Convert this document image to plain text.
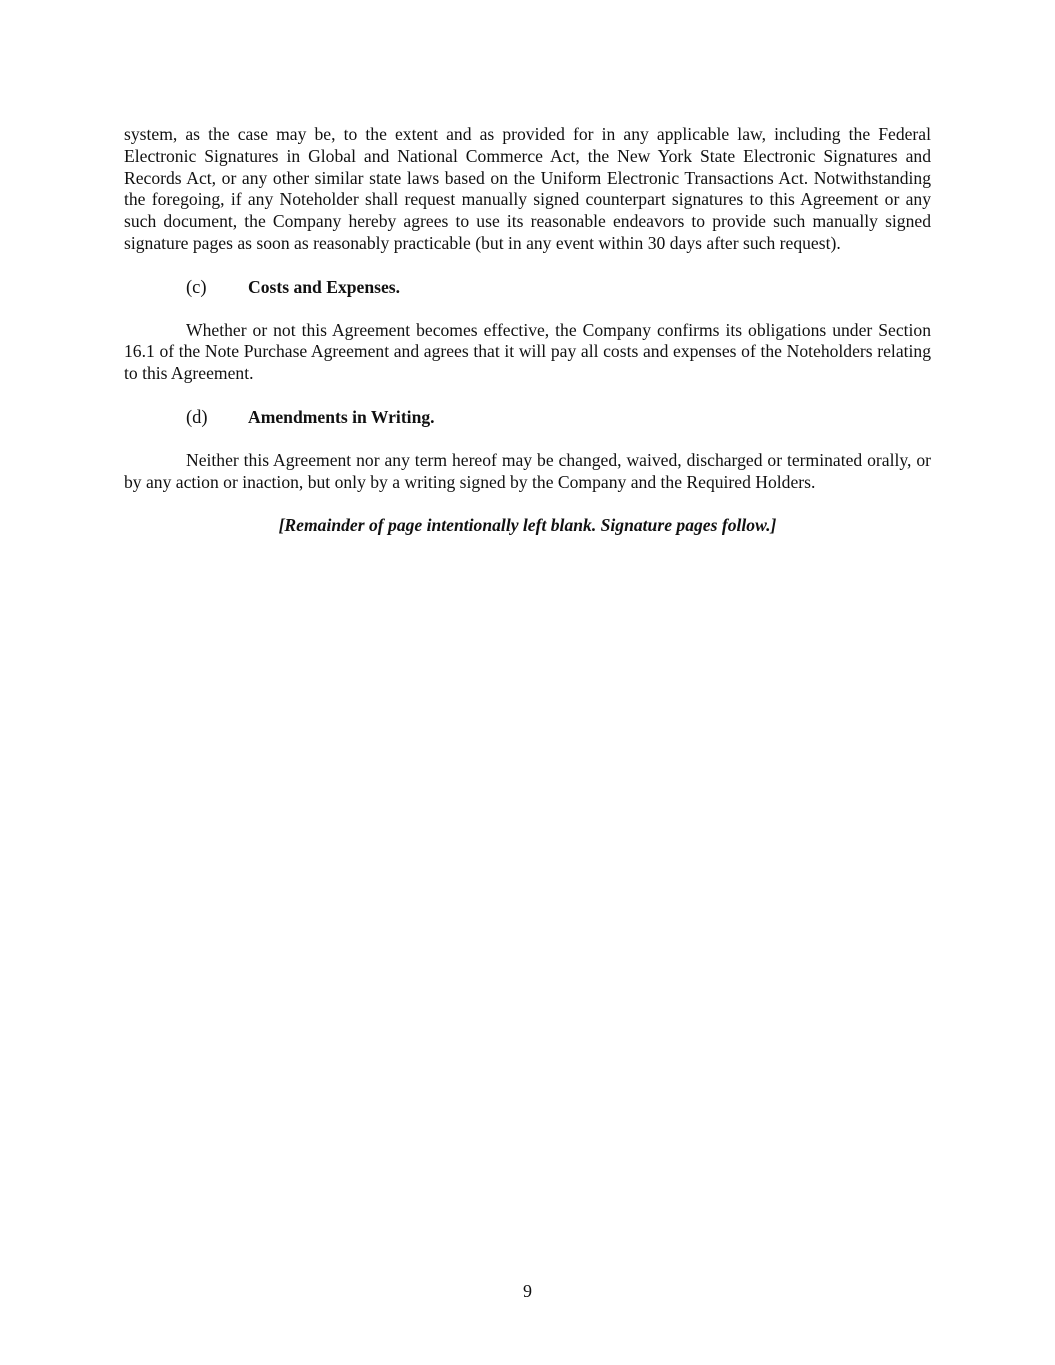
system, as the case may be, to the extent and as provided for in any applicable law, including the Federal Electronic Signatures in Global and National Commerce Act, the New York State Electronic Signatures and Records Act, or any other similar state laws based on the Uniform Electronic Transactions Act. Notwithstanding the foregoing, if any Noteholder shall request manually signed counterpart signatures to this Agreement or any such document, the Company hereby agrees to use its reasonable endeavors to provide such manually signed signature pages as soon as reasonably practicable (but in any event within 30 days after such request).

(c)	Costs and Expenses.

Whether or not this Agreement becomes effective, the Company confirms its obligations under Section 16.1 of the Note Purchase Agreement and agrees that it will pay all costs and expenses of the Noteholders relating to this Agreement.

(d)	Amendments in Writing.

Neither this Agreement nor any term hereof may be changed, waived, discharged or terminated orally, or by any action or inaction, but only by a writing signed by the Company and the Required Holders.

[Remainder of page intentionally left blank. Signature pages follow.]

9
